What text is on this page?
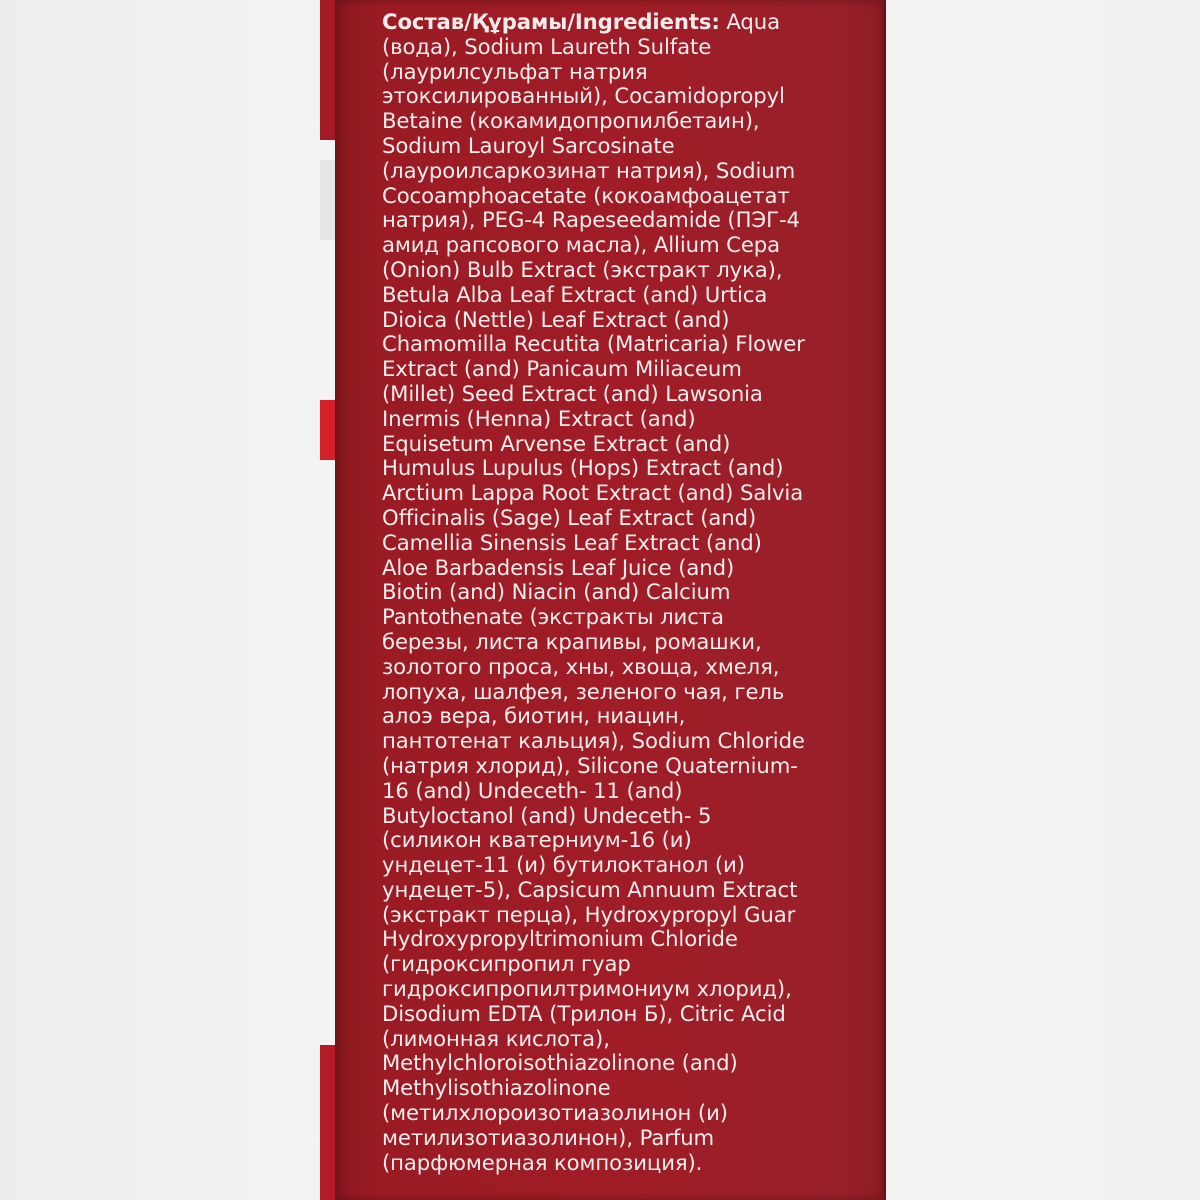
Состав/Құрамы/Ingredients: Aqua
(вода), Sodium Laureth Sulfate
(лаурилсульфат натрия
этоксилированный), Cocamidopropyl
Betaine (кокамидопропилбетаин),
Sodium Lauroyl Sarcosinate
(лауроилсаркозинат натрия), Sodium
Cocoamphoacetate (кокоамфоацетат
натрия), PEG-4 Rapeseedamide (ПЭГ-4
амид рапсового масла), Allium Cepa
(Onion) Bulb Extract (экстракт лука),
Betula Alba Leaf Extract (and) Urtica
Dioica (Nettle) Leaf Extract (and)
Chamomilla Recutita (Matricaria) Flower
Extract (and) Panicaum Miliaceum
(Millet) Seed Extract (and) Lawsonia
Inermis (Henna) Extract (and)
Equisetum Arvense Extract (and)
Humulus Lupulus (Hops) Extract (and)
Arctium Lappa Root Extract (and) Salvia
Officinalis (Sage) Leaf Extract (and)
Camellia Sinensis Leaf Extract (and)
Aloe Barbadensis Leaf Juice (and)
Biotin (and) Niacin (and) Calcium
Pantothenate (экстракты листа
березы, листа крапивы, ромашки,
золотого проса, хны, хвоща, хмеля,
лопуха, шалфея, зеленого чая, гель
алоэ вера, биотин, ниацин,
пантотенат кальция), Sodium Chloride
(натрия хлорид), Silicone Quaternium-
16 (and) Undeceth- 11 (and)
Butyloctanol (and) Undeceth- 5
(силикон кватерниум-16 (и)
ундецет-11 (и) бутилоктанол (и)
ундецет-5), Capsicum Annuum Extract
(экстракт перца), Hydroxypropyl Guar
Hydroxypropyltrimonium Chloride
(гидроксипропил гуар
гидроксипропилтримониум хлорид),
Disodium EDTA (Трилон Б), Citric Acid
(лимонная кислота),
Methylchloroisothiazolinone (and)
Methylisothiazolinone
(метилхлороизотиазолинон (и)
метилизотиазолинон), Parfum
(парфюмерная композиция).
